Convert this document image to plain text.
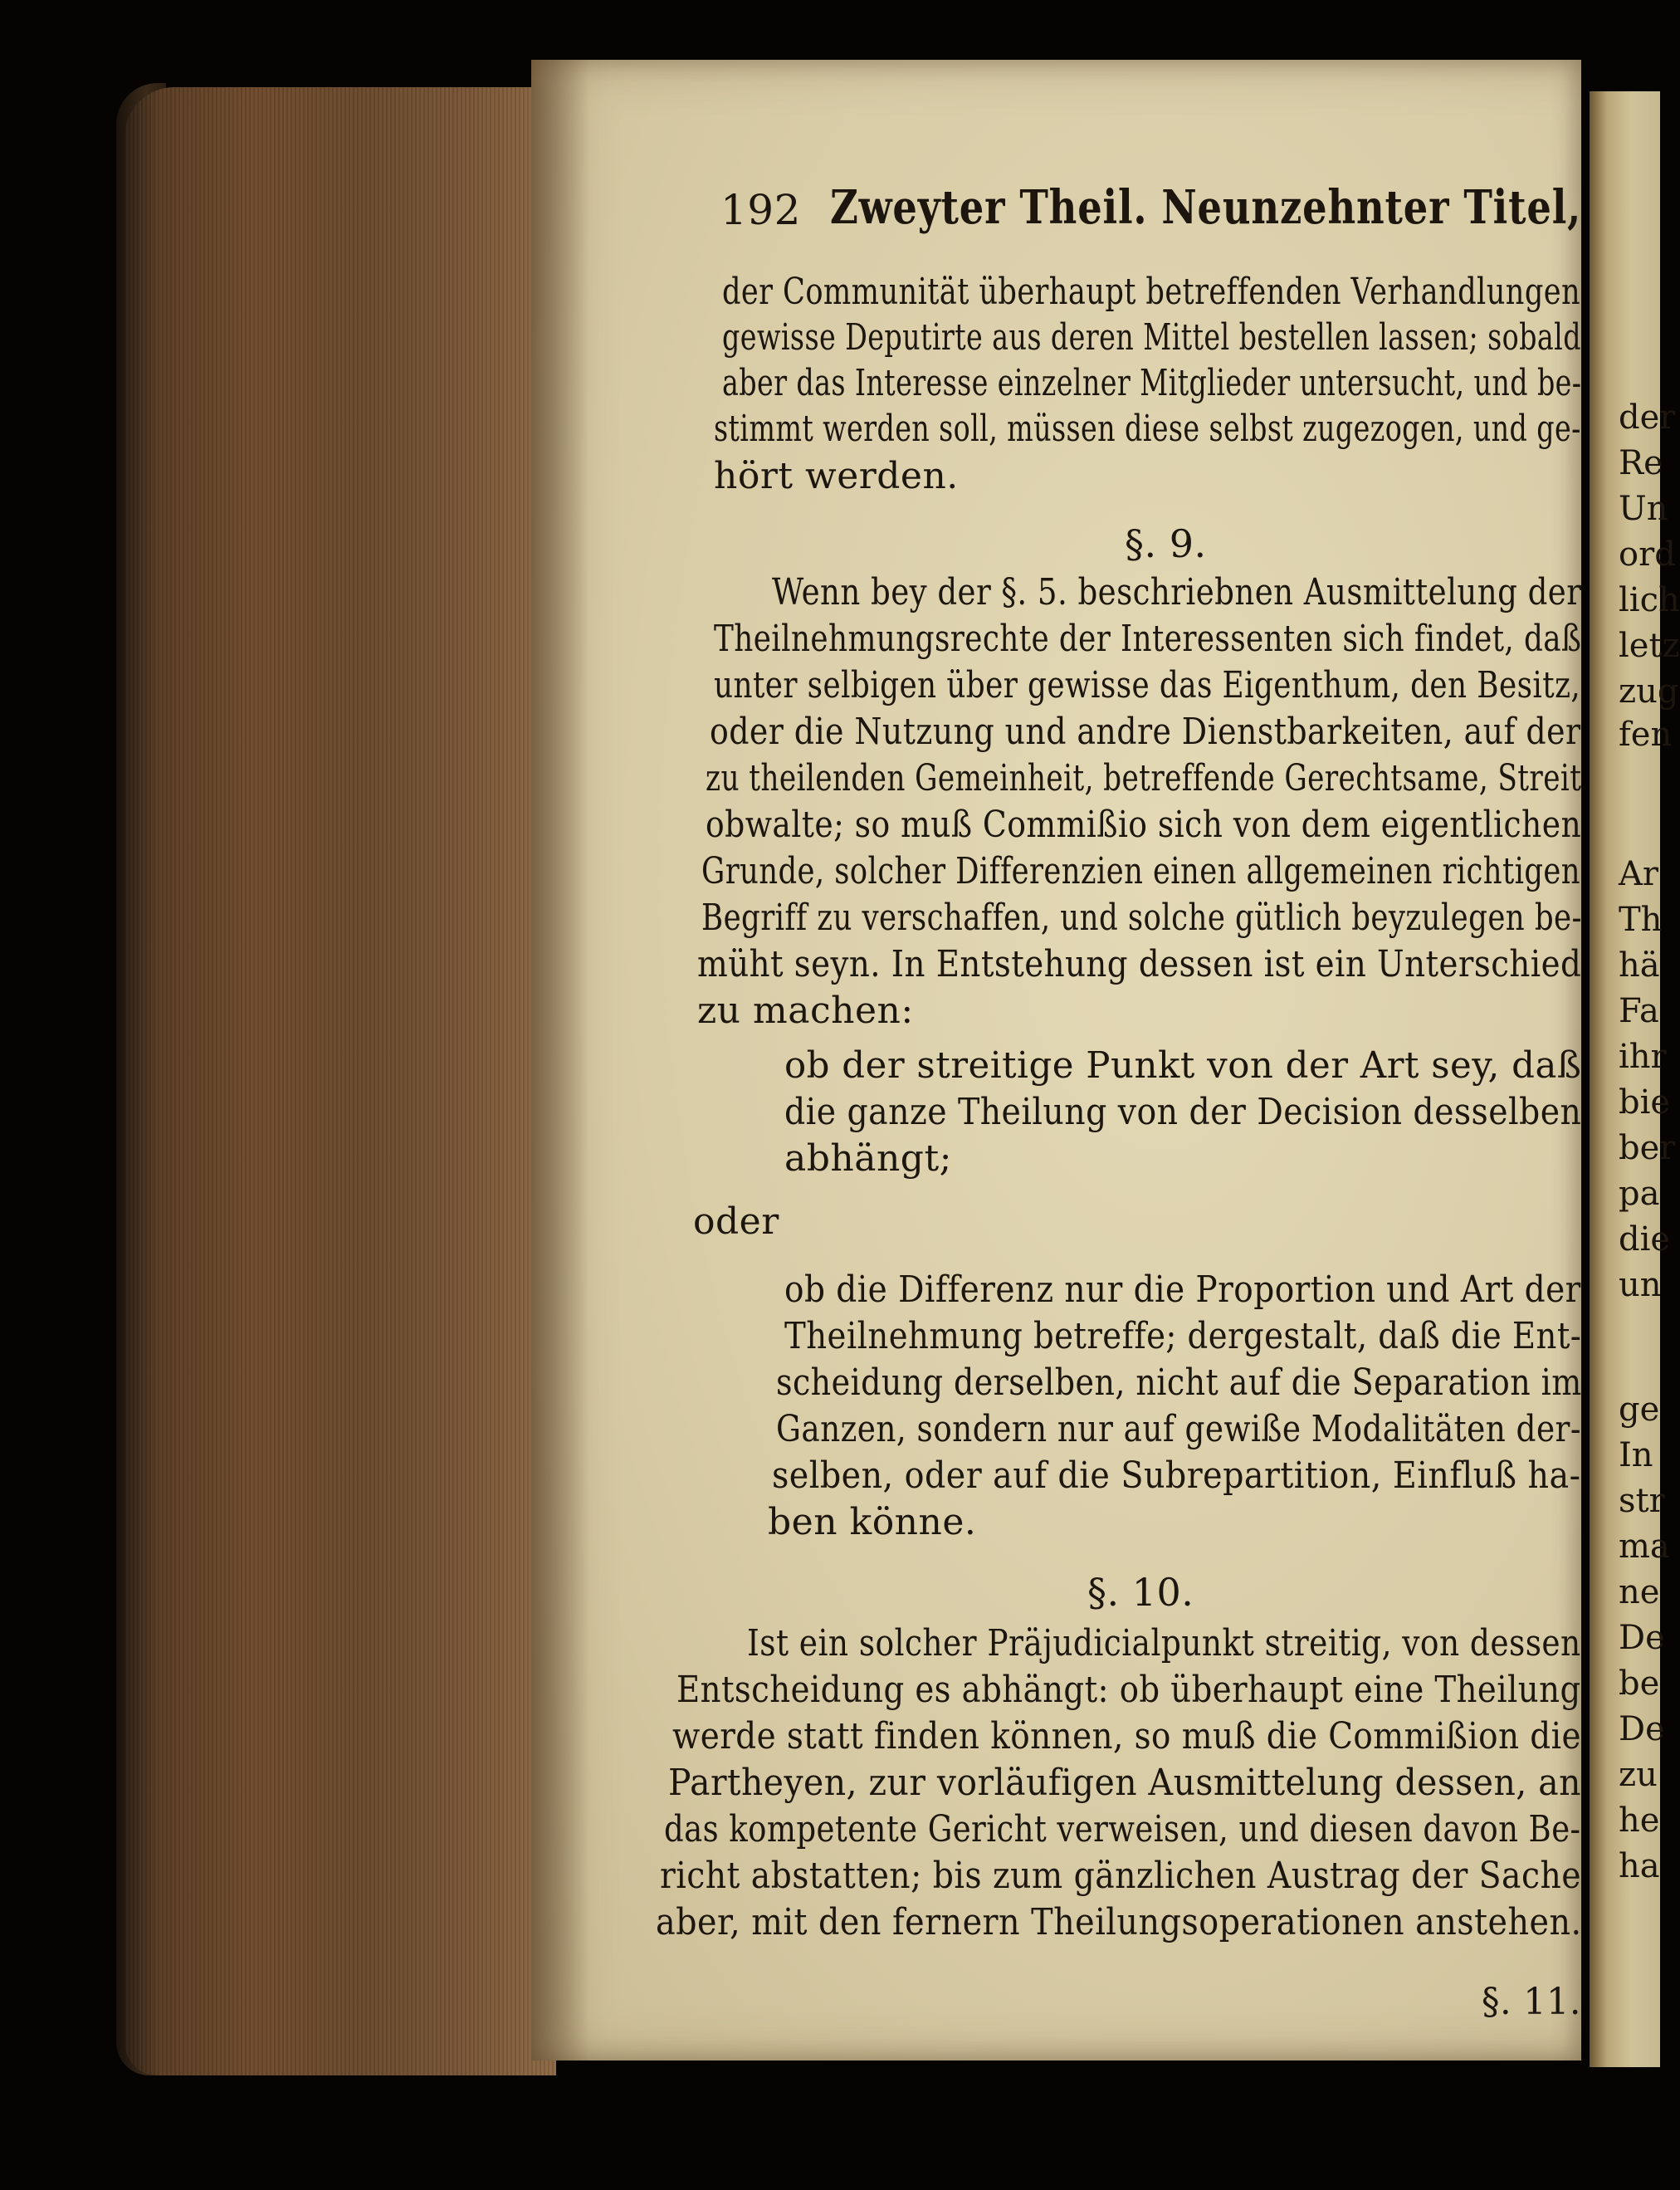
192 Zweyter Theil. Neunzehnter Titel,
der Communität überhaupt betreffenden Verhandlungen
gewisse Deputirte aus deren Mittel bestellen lassen; sobald
aber das Interesse einzelner Mitglieder untersucht, und be-
stimmt werden soll, müssen diese selbst zugezogen, und ge-
hört werden.
§. 9.
Wenn bey der §. 5. beschriebnen Ausmittelung der
Theilnehmungsrechte der Interessenten sich findet, daß
unter selbigen über gewisse das Eigenthum, den Besitz,
oder die Nutzung und andre Dienstbarkeiten, auf der
zu theilenden Gemeinheit, betreffende Gerechtsame, Streit
obwalte; so muß Commißio sich von dem eigentlichen
Grunde, solcher Differenzien einen allgemeinen richtigen
Begriff zu verschaffen, und solche gütlich beyzulegen be-
müht seyn. In Entstehung dessen ist ein Unterschied
zu machen:
ob der streitige Punkt von der Art sey, daß
die ganze Theilung von der Decision desselben
abhängt;
oder
ob die Differenz nur die Proportion und Art der
Theilnehmung betreffe; dergestalt, daß die Ent-
scheidung derselben, nicht auf die Separation im
Ganzen, sondern nur auf gewiße Modalitäten der-
selben, oder auf die Subrepartition, Einfluß ha-
ben könne.
§. 10.
Ist ein solcher Präjudicialpunkt streitig, von dessen
Entscheidung es abhängt: ob überhaupt eine Theilung
werde statt finden können, so muß die Commißion die
Partheyen, zur vorläufigen Ausmittelung dessen, an
das kompetente Gericht verweisen, und diesen davon Be-
richt abstatten; bis zum gänzlichen Austrag der Sache
aber, mit den fernern Theilungsoperationen anstehen.
§. 11.
der
Re
Un
ord
lich
letz
zug
fen
Ar
Th
hä
Fa
ihr
bie
ber
pa
die
un
ge
In
str
ma
ne
De
be
De
zu
he
ha
